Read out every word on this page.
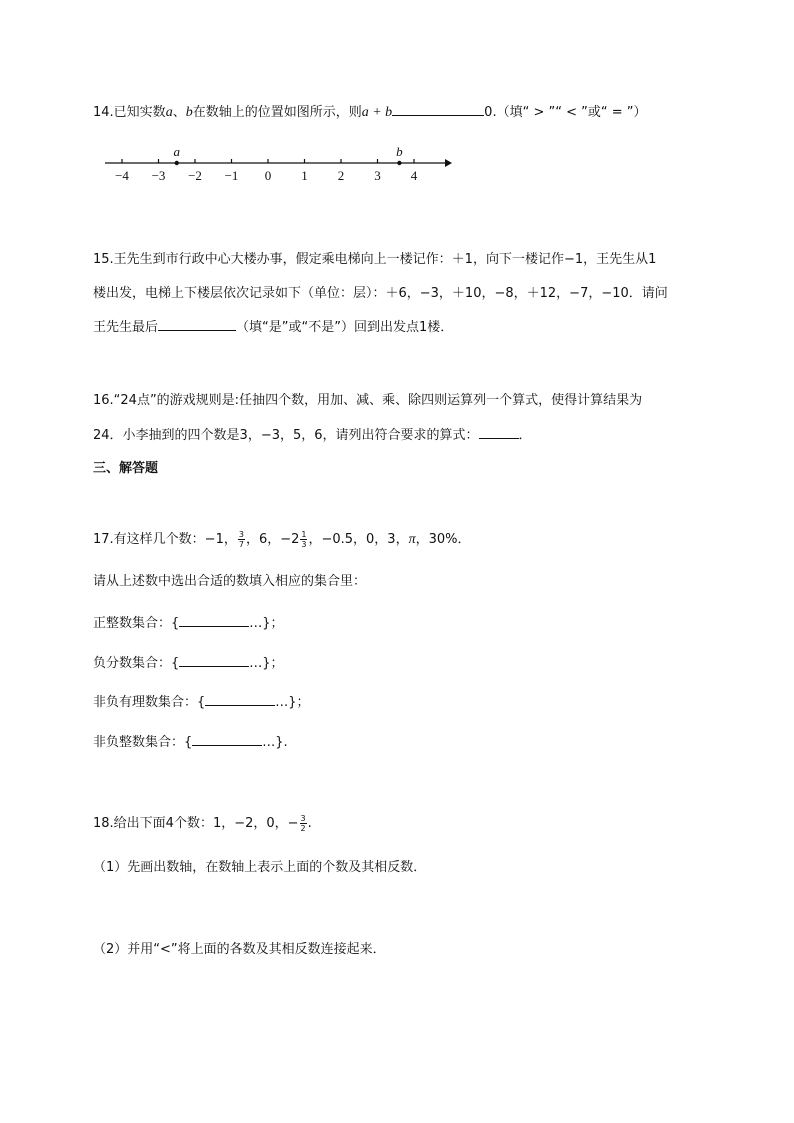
14.已知实数a、b在数轴上的位置如图所示，则a + b	0.（填“ > ”“ < ”或“ = ”）
−4 −3 −2 −1 0 1 2 3 4
a	b
15.王先生到市行政中心大楼办事，假定乘电梯向上一楼记作：＋1，向下一楼记作−1，王先生从1
楼出发，电梯上下楼层依次记录如下（单位：层）：＋6，−3，＋10，−8，＋12，−7，−10．请问
王先生最后	（填“是”或“不是”）回到出发点1楼．
16.“24点”的游戏规则是:任抽四个数，用加、减、乘、除四则运算列一个算式，使得计算结果为
24．小李抽到的四个数是3，−3，5，6，请列出符合要求的算式：	．
三、解答题
17.有这样几个数：−1， $\frac{3}{7}$ ，6，$-2 \frac{1}{3}$ ，−0.5，0，3，π，30%．
请从上述数中选出合适的数填入相应的集合里：
正整数集合：{	…}；
负分数集合：{	…}；
非负有理数集合：{	…}；
非负整数集合：{	…}.
18.给出下面4个数：1，−2，0，− $\frac{3}{2}$ .
（1）先画出数轴，在数轴上表示上面的个数及其相反数．
（2）并用“<”将上面的各数及其相反数连接起来．
